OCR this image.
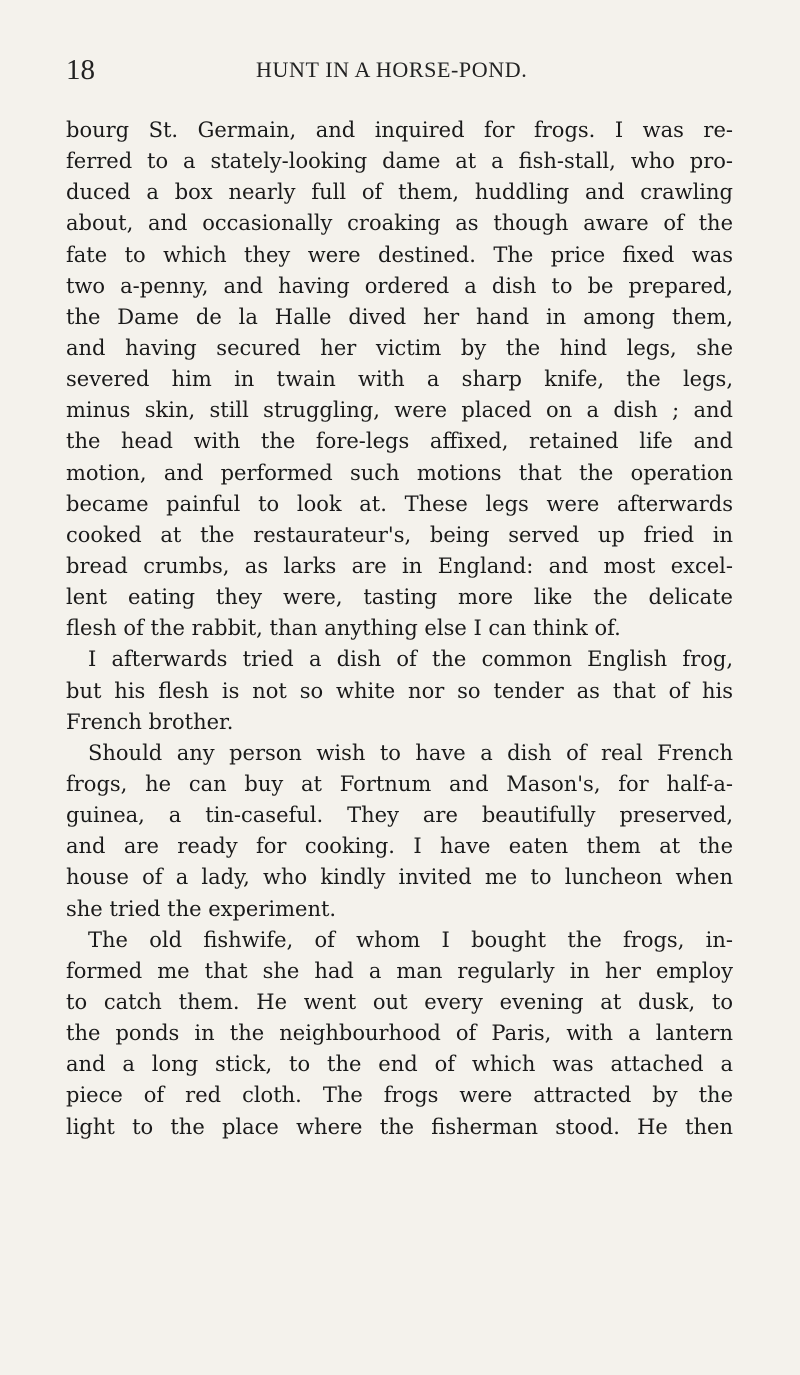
18	HUNT IN A HORSE-POND.
bourg St. Germain, and inquired for frogs. I was re-
ferred to a stately-looking dame at a fish-stall, who pro-
duced a box nearly full of them, huddling and crawling
about, and occasionally croaking as though aware of the
fate to which they were destined. The price fixed was
two a-penny, and having ordered a dish to be prepared,
the Dame de la Halle dived her hand in among them,
and having secured her victim by the hind legs, she
severed him in twain with a sharp knife, the legs,
minus skin, still struggling, were placed on a dish ; and
the head with the fore-legs affixed, retained life and
motion, and performed such motions that the operation
became painful to look at. These legs were afterwards
cooked at the restaurateur's, being served up fried in
bread crumbs, as larks are in England: and most excel-
lent eating they were, tasting more like the delicate
flesh of the rabbit, than anything else I can think of.
I afterwards tried a dish of the common English frog,
but his flesh is not so white nor so tender as that of his
French brother.
Should any person wish to have a dish of real French
frogs, he can buy at Fortnum and Mason's, for half-a-
guinea, a tin-caseful. They are beautifully preserved,
and are ready for cooking. I have eaten them at the
house of a lady, who kindly invited me to luncheon when
she tried the experiment.
The old fishwife, of whom I bought the frogs, in-
formed me that she had a man regularly in her employ
to catch them. He went out every evening at dusk, to
the ponds in the neighbourhood of Paris, with a lantern
and a long stick, to the end of which was attached a
piece of red cloth. The frogs were attracted by the
light to the place where the fisherman stood. He then
